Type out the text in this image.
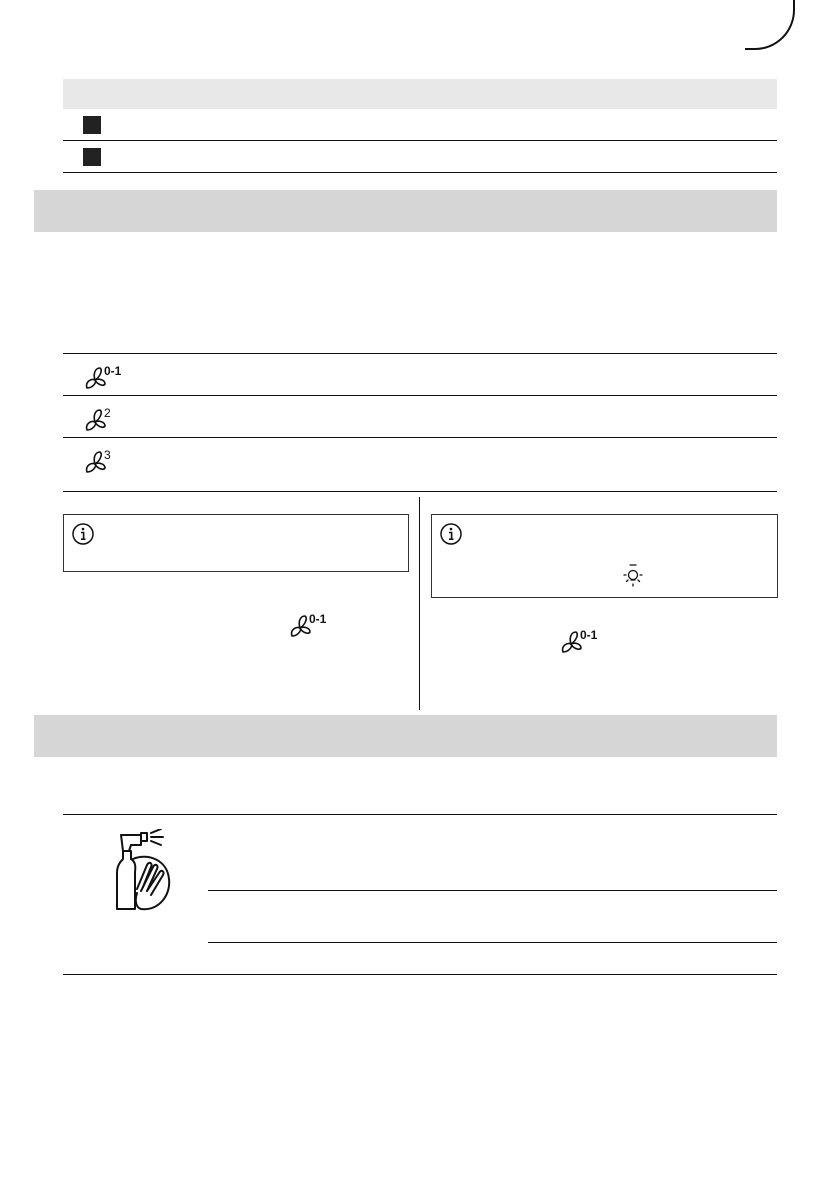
0-1
2
3
0-1
0-1
